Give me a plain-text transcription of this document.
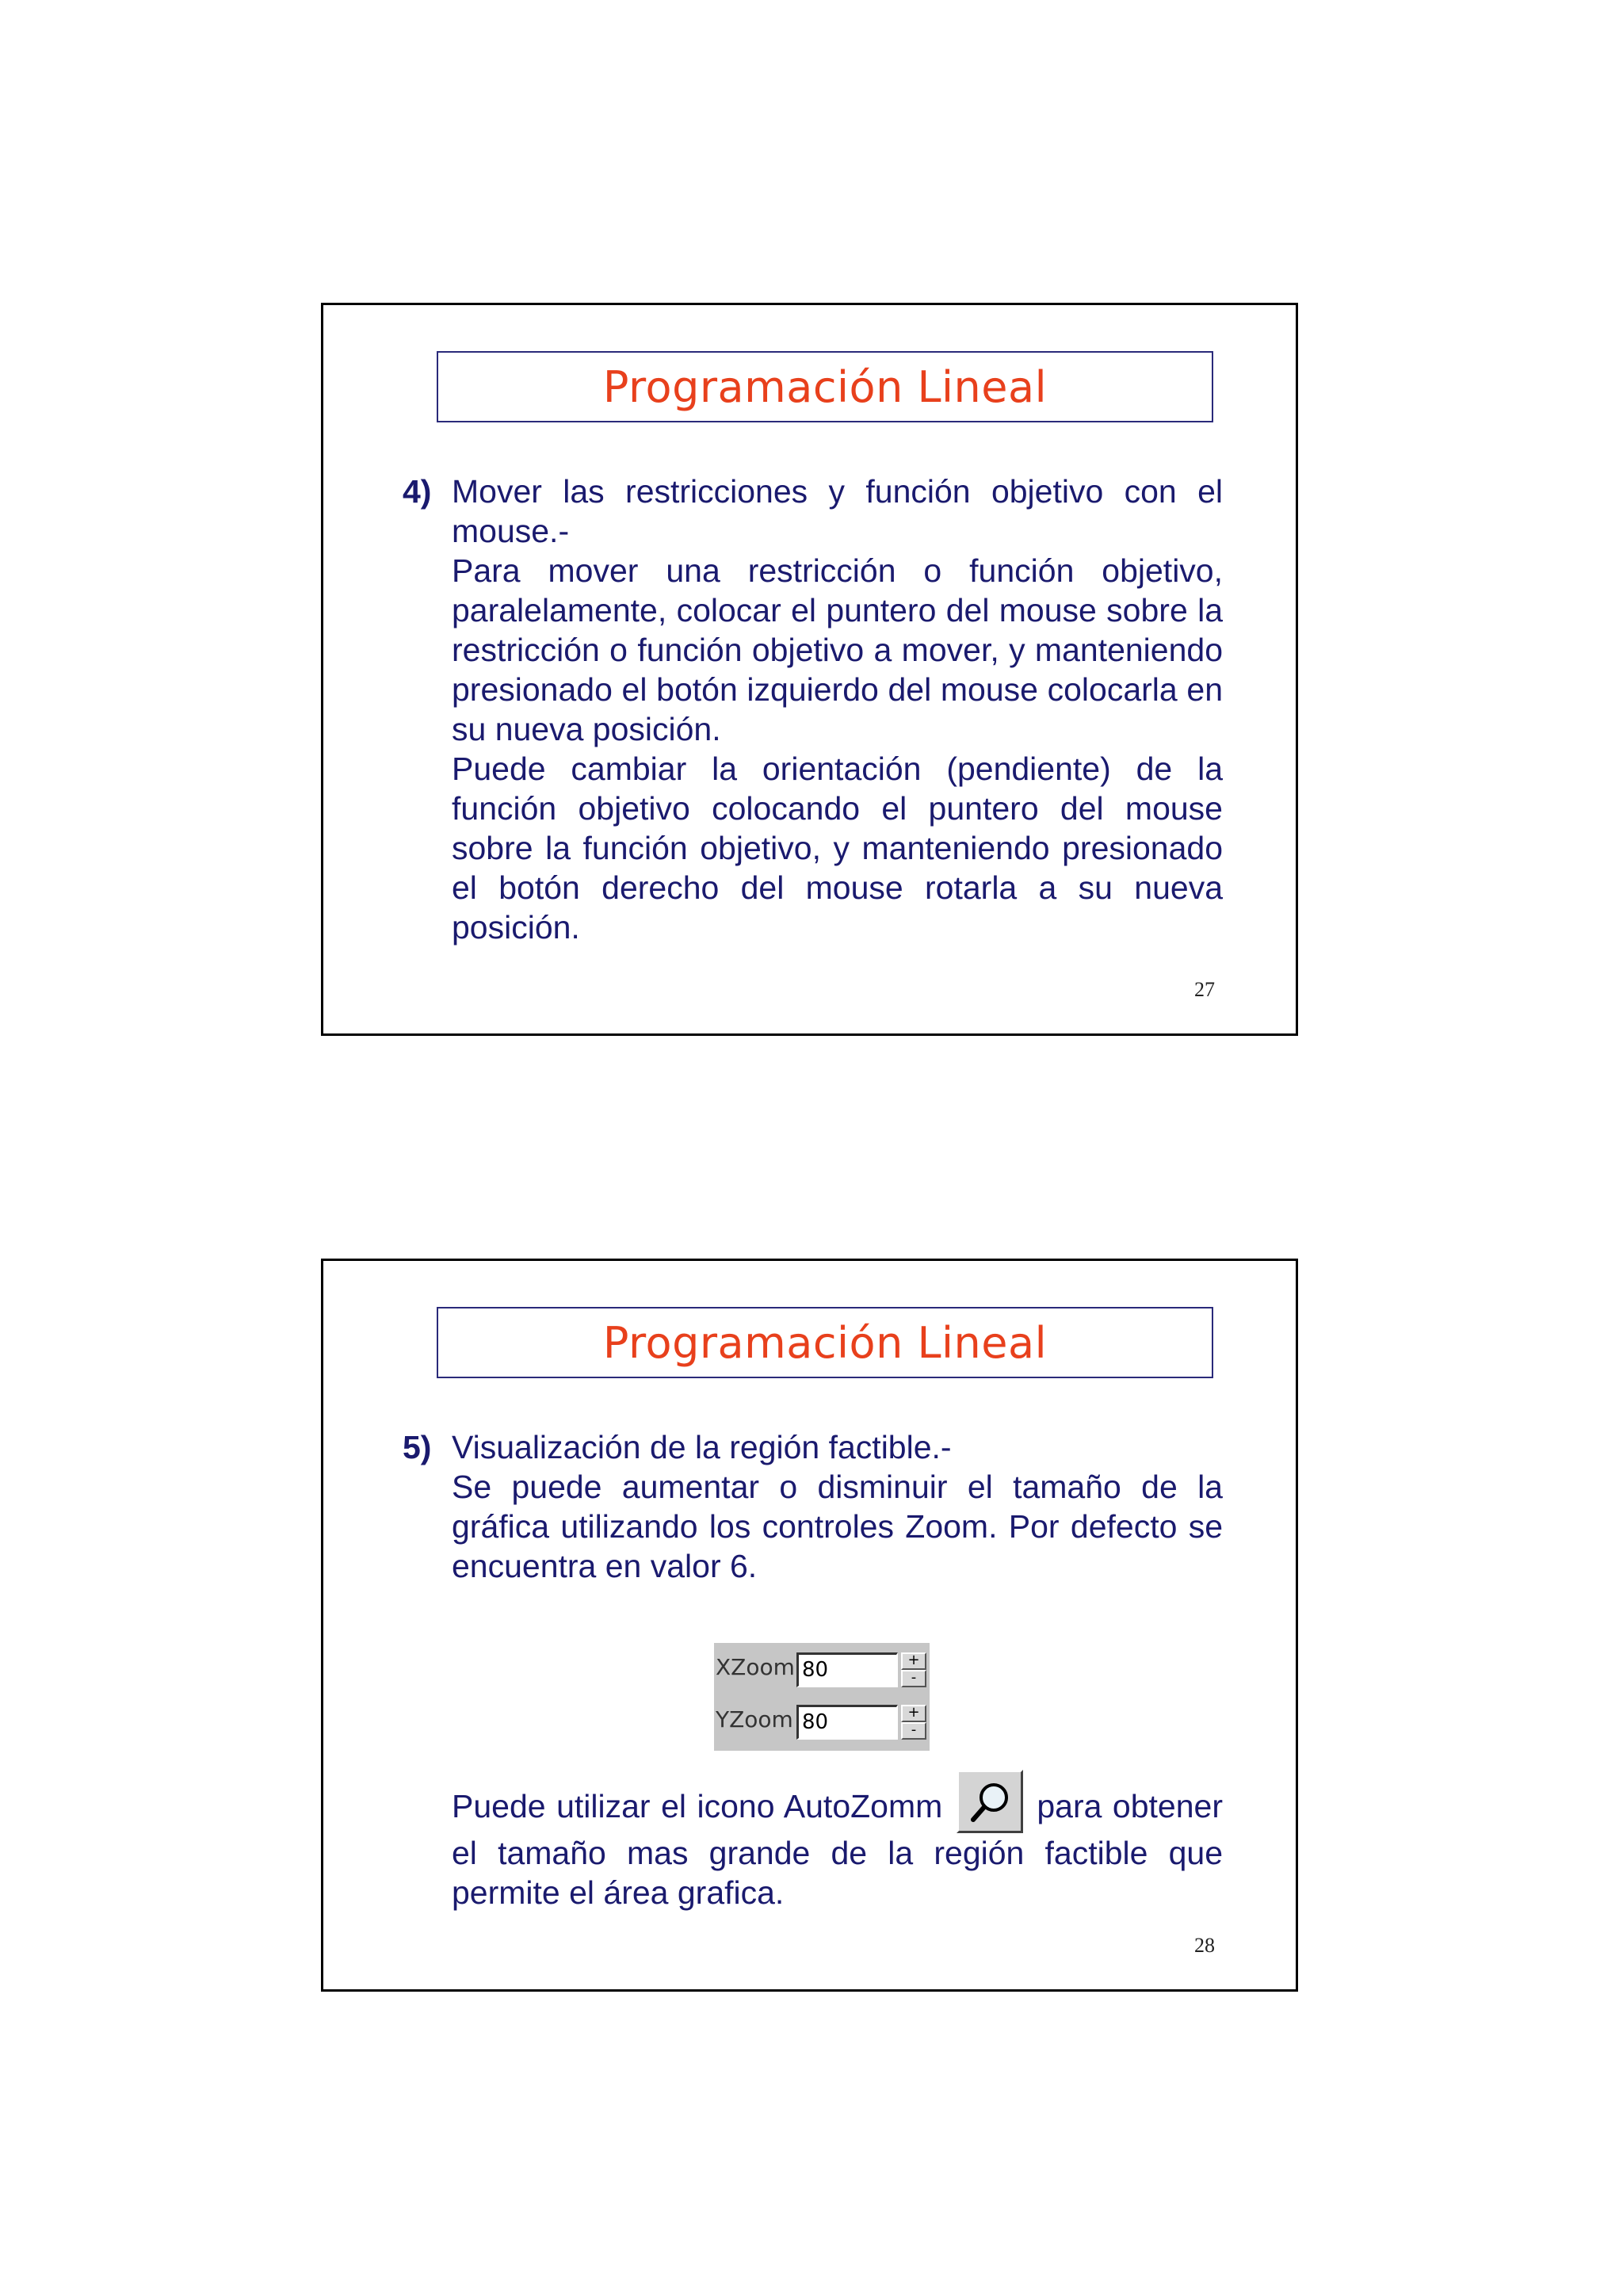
Programación Lineal
4) Mover las restricciones y función objetivo con el mouse.-

Para mover una restricción o función objetivo, paralelamente, colocar el puntero del mouse sobre la restricción o función objetivo a mover, y manteniendo presionado el botón izquierdo del mouse colocarla en su nueva posición.

Puede cambiar la orientación (pendiente) de la función objetivo colocando el puntero del mouse sobre la función objetivo, y manteniendo presionado el botón derecho del mouse rotarla a su nueva posición.

27
Programación Lineal
5) Visualización de la región factible.-

Se puede aumentar o disminuir el tamaño de la gráfica utilizando los controles Zoom. Por defecto se encuentra en valor 6.

XZoom 80	+
-
YZoom 80	+
-
Puede utilizar el icono AutoZomm	para obtener el tamaño mas grande de la región factible que permite el área grafica.
28
